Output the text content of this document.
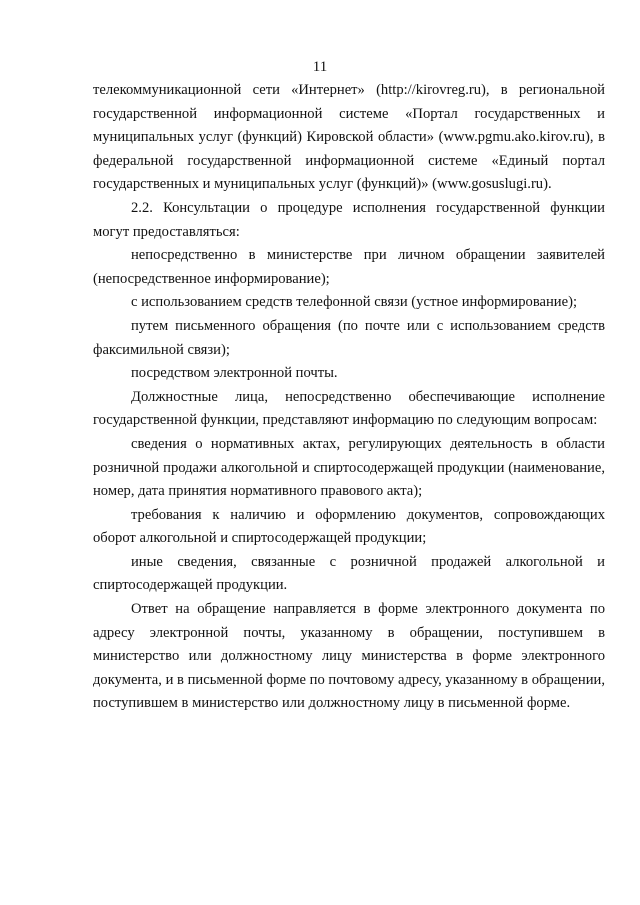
11

телекоммуникационной сети «Интернет» (http://kirovreg.ru), в региональной государственной информационной системе «Портал государственных и муниципальных услуг (функций) Кировской области» (www.pgmu.ako.kirov.ru), в федеральной государственной информационной системе «Единый портал государственных и муниципальных услуг (функций)» (www.gosuslugi.ru).

2.2. Консультации о процедуре исполнения государственной функции могут предоставляться:

непосредственно в министерстве при личном обращении заявителей (непосредственное информирование);

с использованием средств телефонной связи (устное информирование);

путем письменного обращения (по почте или с использованием средств факсимильной связи);

посредством электронной почты.

Должностные лица, непосредственно обеспечивающие исполнение государственной функции, представляют информацию по следующим вопросам:

сведения о нормативных актах, регулирующих деятельность в области розничной продажи алкогольной и спиртосодержащей продукции (наименование, номер, дата принятия нормативного правового акта);

требования к наличию и оформлению документов, сопровождающих оборот алкогольной и спиртосодержащей продукции;

иные сведения, связанные с розничной продажей алкогольной и спиртосодержащей продукции.

Ответ на обращение направляется в форме электронного документа по адресу электронной почты, указанному в обращении, поступившем в министерство или должностному лицу министерства в форме электронного документа, и в письменной форме по почтовому адресу, указанному в обращении, поступившем в министерство или должностному лицу в письменной форме.
